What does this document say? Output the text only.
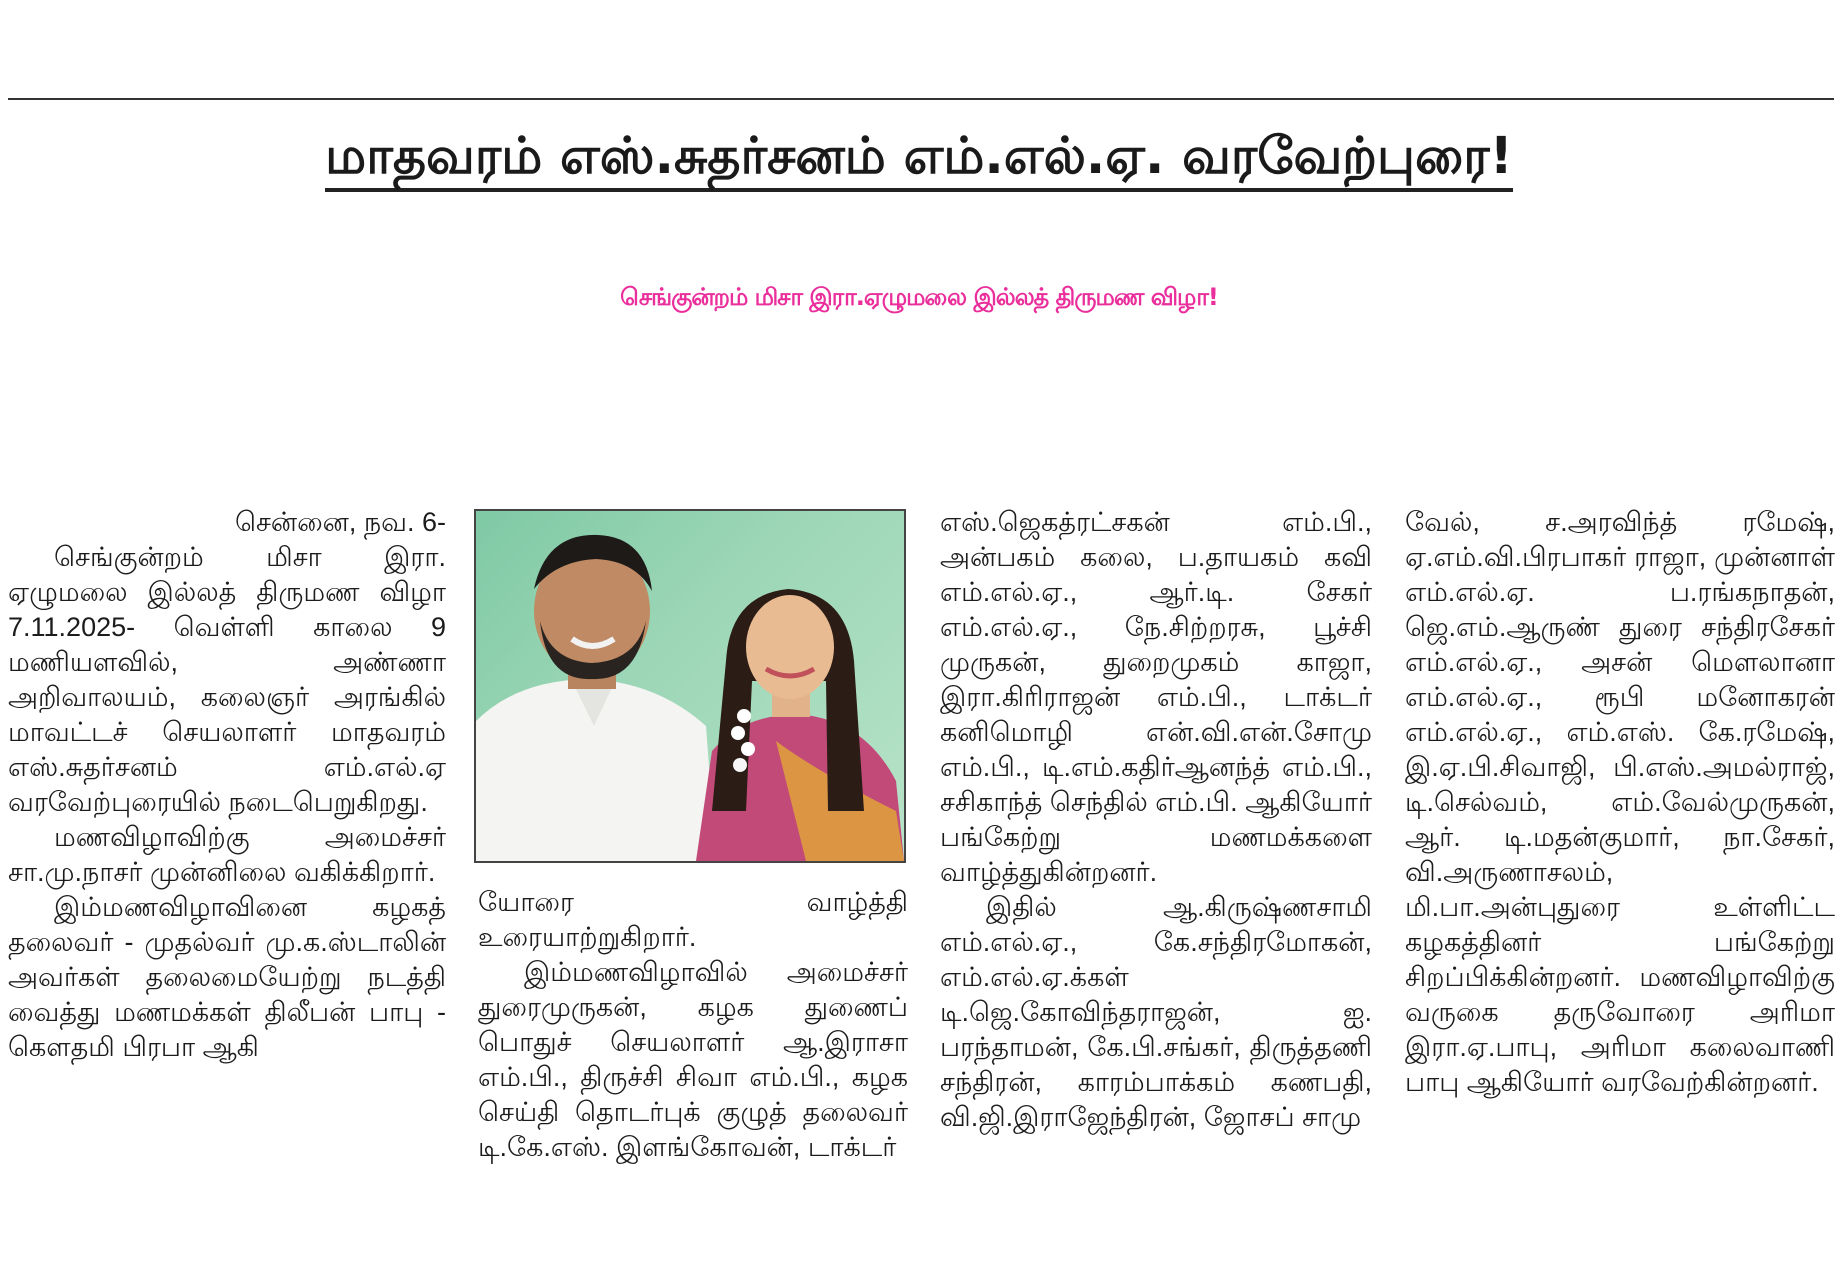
மாதவரம் எஸ்.சுதர்சனம் எம்.எல்.ஏ. வரவேற்புரை!
செங்குன்றம் மிசா இரா.ஏழுமலை இல்லத் திருமண விழா!

சென்னை, நவ. 6-

செங்குன்றம் மிசா இரா. ஏழுமலை இல்லத் திருமண விழா 7.11.2025- வெள்ளி காலை 9 மணியளவில், அண்ணா அறிவாலயம், கலைஞர் அரங்கில் மாவட்டச் செயலாளர் மாதவரம் எஸ்.சுதர்சனம் எம்.எல்.ஏ வரவேற்புரையில் நடைபெறுகிறது.

மணவிழாவிற்கு அமைச்சர் சா.மு.நாசர் முன்னிலை வகிக்கிறார்.

இம்மணவிழாவினை கழகத் தலைவர் - முதல்வர் மு.க.ஸ்டாலின் அவர்கள் தலைமையேற்று நடத்தி வைத்து மணமக்கள் திலீபன் பாபு - கௌதமி பிரபா ஆகி

யோரை வாழ்த்தி உரையாற்றுகிறார்.

இம்மணவிழாவில் அமைச்சர் துரைமுருகன், கழக துணைப் பொதுச் செயலாளர் ஆ.இராசா எம்.பி., திருச்சி சிவா எம்.பி., கழக செய்தி தொடர்புக் குழுத் தலைவர் டி.கே.எஸ். இளங்கோவன், டாக்டர்

எஸ்.ஜெகத்ரட்சகன் எம்.பி., அன்பகம் கலை, ப.தாயகம் கவி எம்.எல்.ஏ., ஆர்.டி. சேகர் எம்.எல்.ஏ., நே.சிற்றரசு, பூச்சி முருகன், துறைமுகம் காஜா, இரா.கிரிராஜன் எம்.பி., டாக்டர் கனிமொழி என்.வி.என்.சோமு எம்.பி., டி.எம்.கதிர்ஆனந்த் எம்.பி., சசிகாந்த் செந்தில் எம்.பி. ஆகியோர் பங்கேற்று மணமக்களை வாழ்த்துகின்றனர்.

இதில் ஆ.கிருஷ்ணசாமி எம்.எல்.ஏ., கே.சந்திரமோகன், எம்.எல்.ஏ.க்கள் டி.ஜெ.கோவிந்தராஜன், ஐ. பரந்தாமன், கே.பி.சங்கர், திருத்தணி சந்திரன், காரம்பாக்கம் கணபதி, வி.ஜி.இராஜேந்திரன், ஜோசப் சாமு

வேல், ச.அரவிந்த் ரமேஷ், ஏ.எம்.வி.பிரபாகர் ராஜா, முன்னாள் எம்.எல்.ஏ. ப.ரங்கநாதன், ஜெ.எம்.ஆருண் துரை சந்திரசேகர் எம்.எல்.ஏ., அசன் மௌலானா எம்.எல்.ஏ., ரூபி மனோகரன் எம்.எல்.ஏ., எம்.எஸ். கே.ரமேஷ், இ.ஏ.பி.சிவாஜி, பி.எஸ்.அமல்ராஜ், டி.செல்வம், எம்.வேல்முருகன், ஆர். டி.மதன்குமார், நா.சேகர், வி.அருணாசலம், மி.பா.அன்புதுரை உள்ளிட்ட கழகத்தினர் பங்கேற்று சிறப்பிக்கின்றனர். மணவிழாவிற்கு வருகை தருவோரை அரிமா இரா.ஏ.பாபு, அரிமா கலைவாணி பாபு ஆகியோர் வரவேற்கின்றனர்.
